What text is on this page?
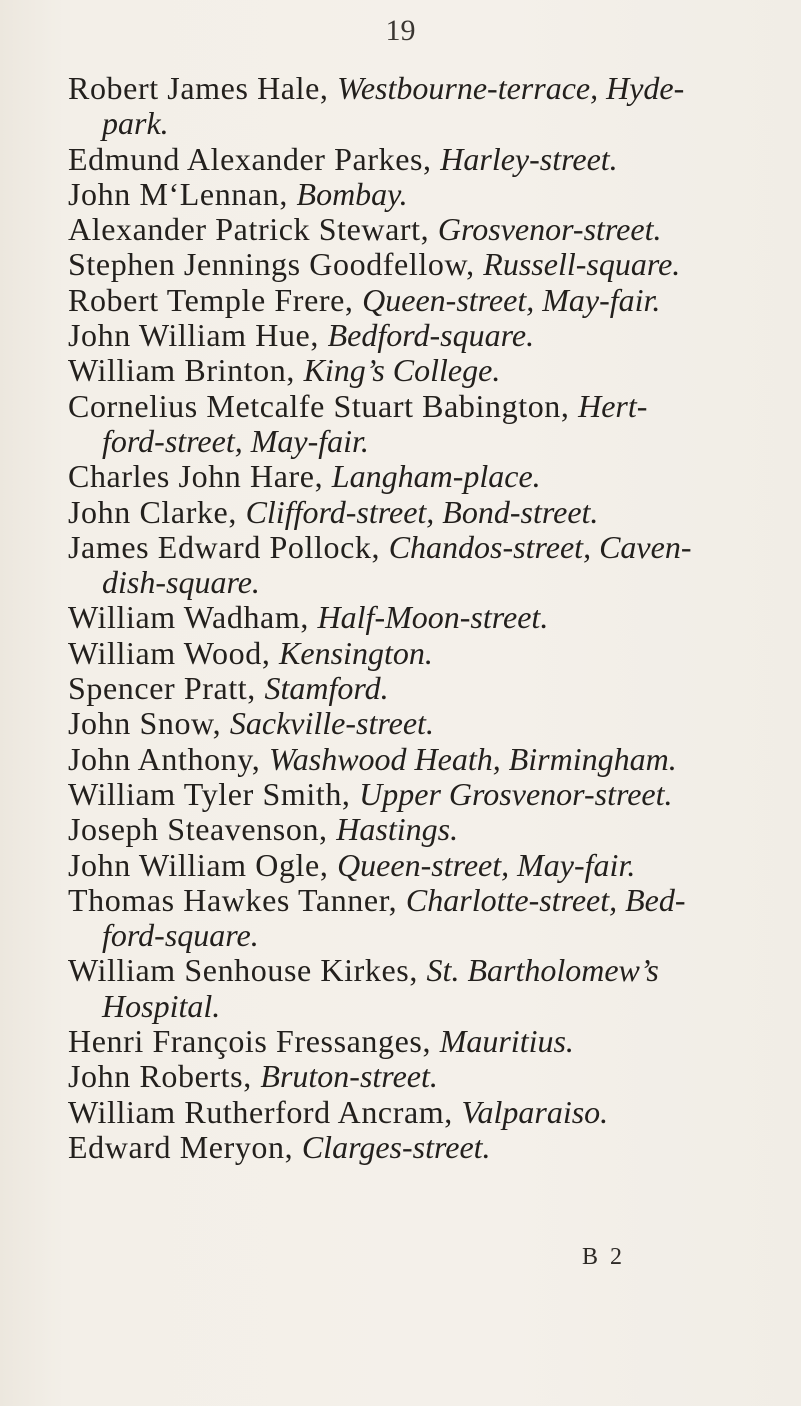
19
Robert James Hale, Westbourne-terrace, Hyde-
park.
Edmund Alexander Parkes, Harley-street.
John M‘Lennan, Bombay.
Alexander Patrick Stewart, Grosvenor-street.
Stephen Jennings Goodfellow, Russell-square.
Robert Temple Frere, Queen-street, May-fair.
John William Hue, Bedford-square.
William Brinton, King’s College.
Cornelius Metcalfe Stuart Babington, Hert-
ford-street, May-fair.
Charles John Hare, Langham-place.
John Clarke, Clifford-street, Bond-street.
James Edward Pollock, Chandos-street, Caven-
dish-square.
William Wadham, Half-Moon-street.
William Wood, Kensington.
Spencer Pratt, Stamford.
John Snow, Sackville-street.
John Anthony, Washwood Heath, Birmingham.
William Tyler Smith, Upper Grosvenor-street.
Joseph Steavenson, Hastings.
John William Ogle, Queen-street, May-fair.
Thomas Hawkes Tanner, Charlotte-street, Bed-
ford-square.
William Senhouse Kirkes, St. Bartholomew’s
Hospital.
Henri François Fressanges, Mauritius.
John Roberts, Bruton-street.
William Rutherford Ancram, Valparaiso.
Edward Meryon, Clarges-street.
B 2
